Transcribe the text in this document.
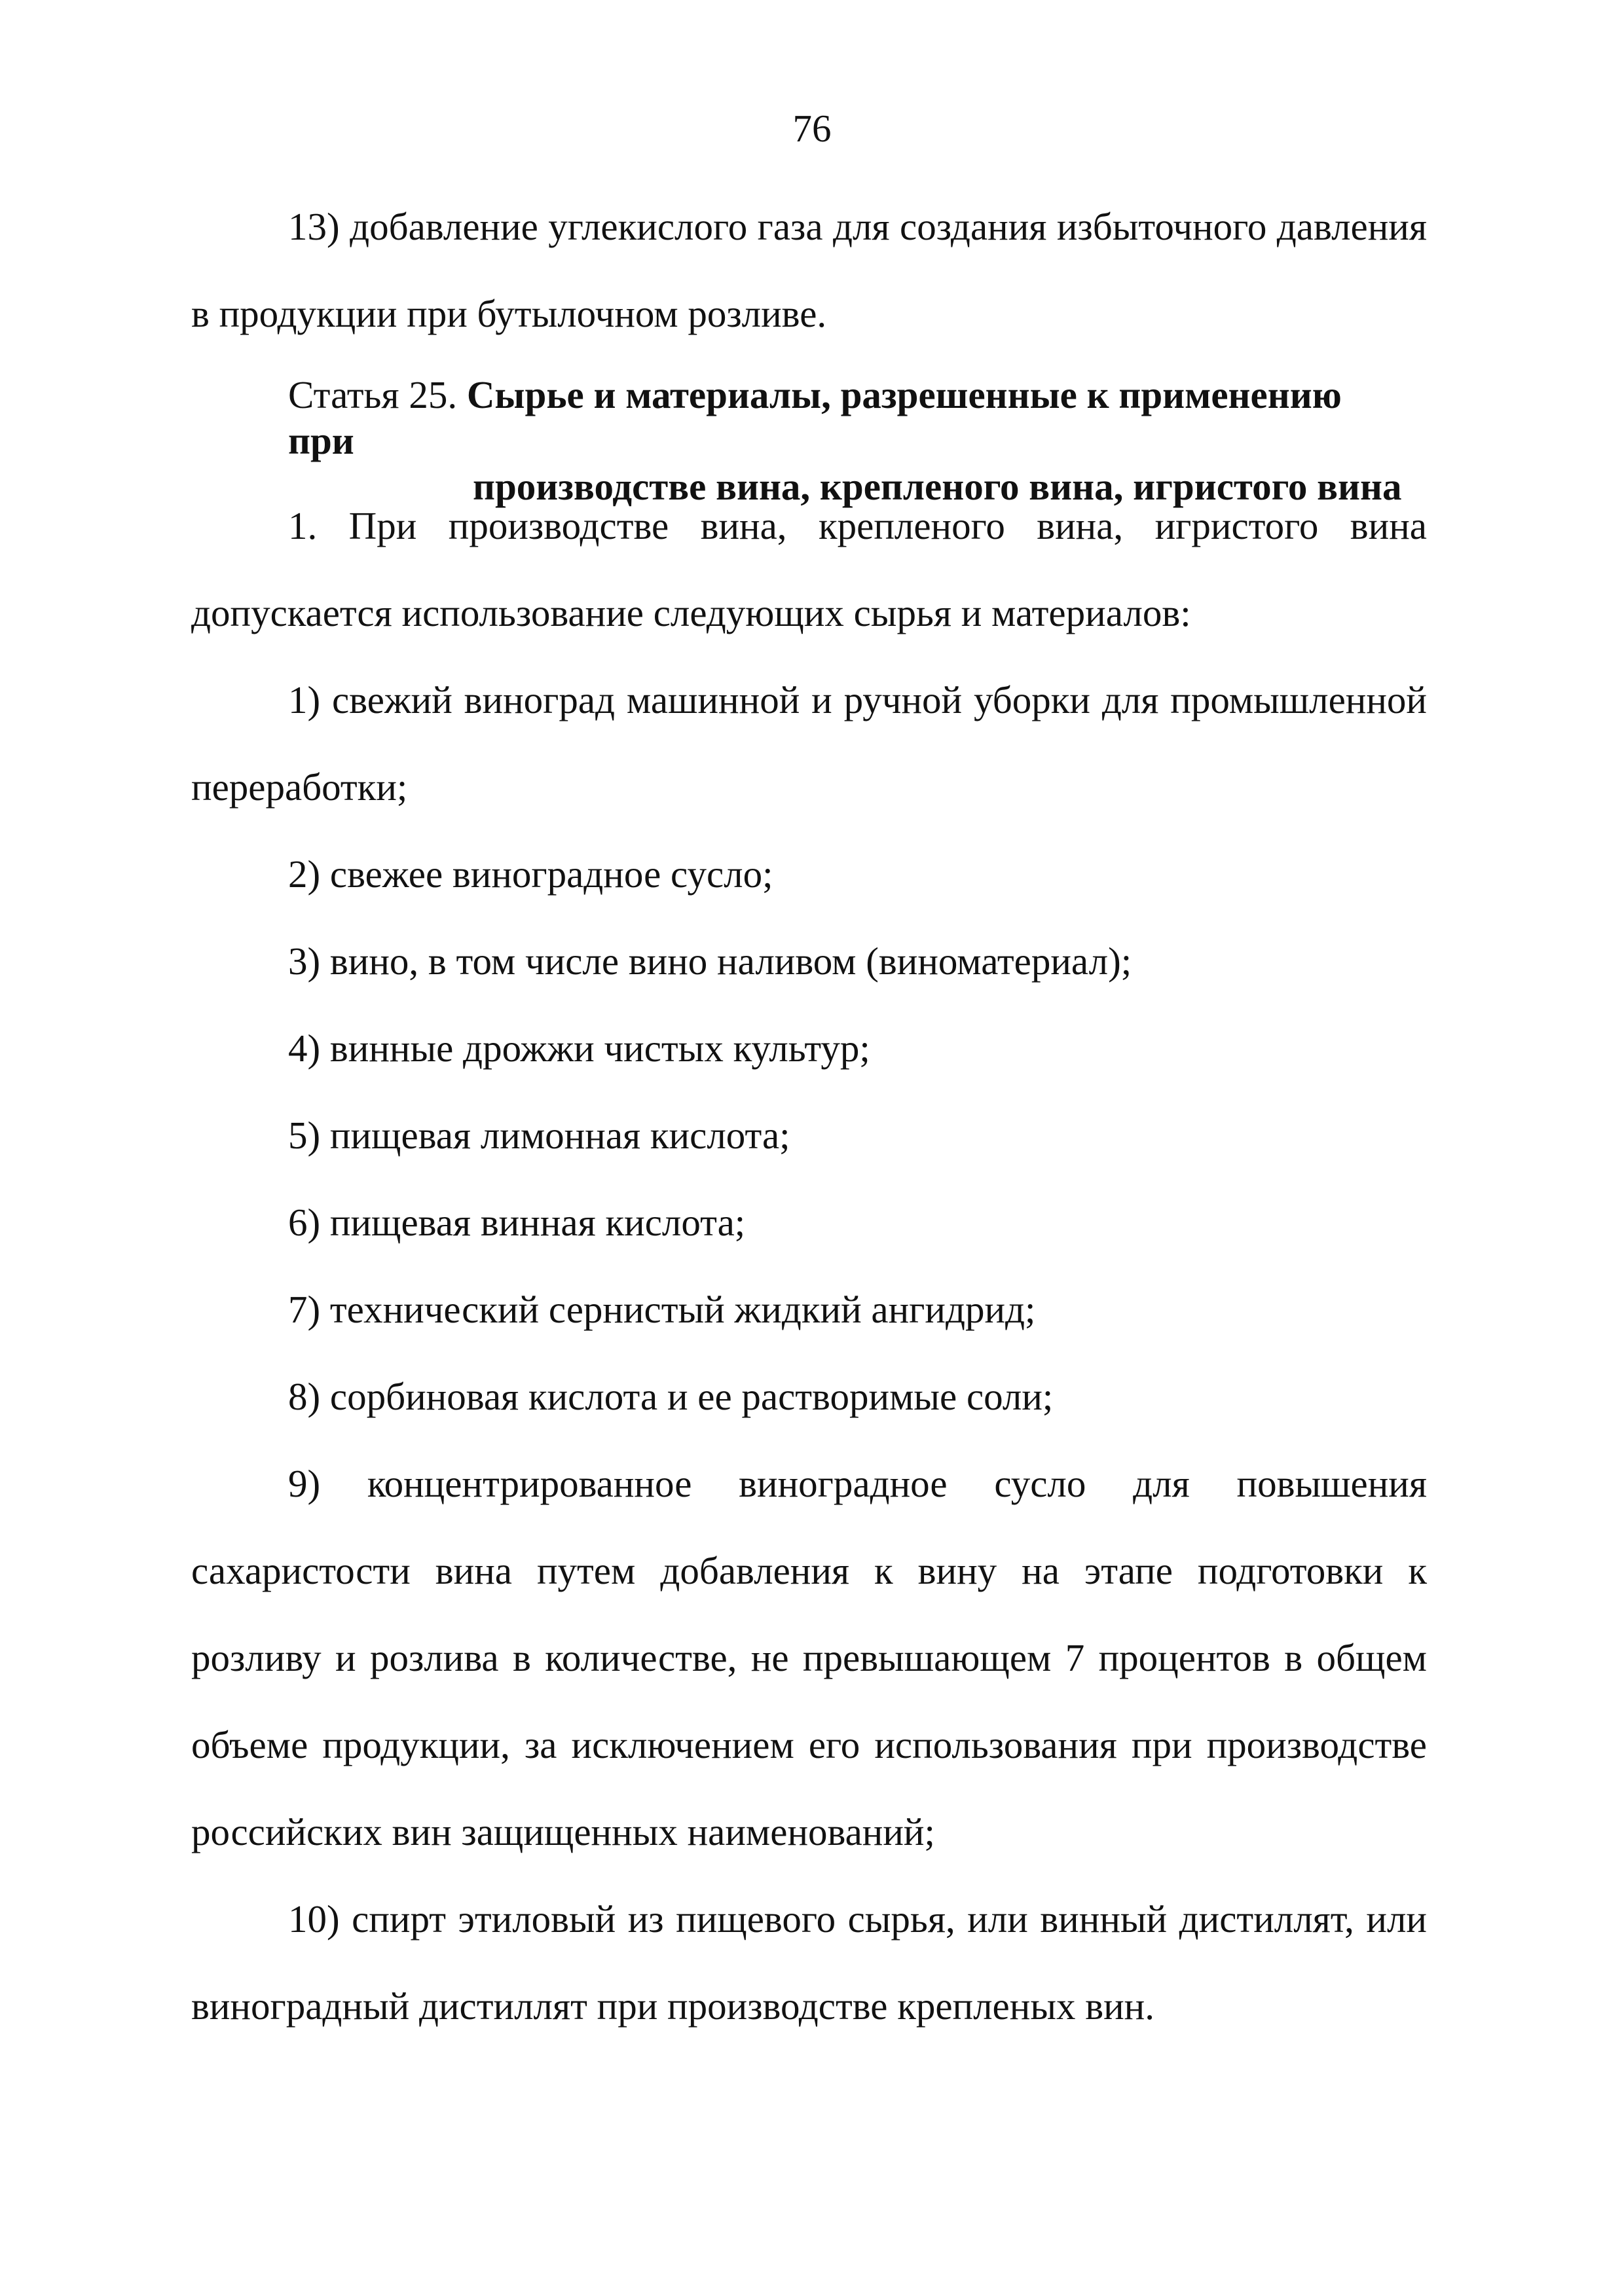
76

13) добавление углекислого газа для создания избыточного давления в продукции при бутылочном розливе.

Статья 25. Сырье и материалы, разрешенные к применению при
производстве вина, крепленого вина, игристого вина

1. При производстве вина, крепленого вина, игристого вина допускается использование следующих сырья и материалов:

1) свежий виноград машинной и ручной уборки для промышленной переработки;

2) свежее виноградное сусло;

3) вино, в том числе вино наливом (виноматериал);

4) винные дрожжи чистых культур;

5) пищевая лимонная кислота;

6) пищевая винная кислота;

7) технический сернистый жидкий ангидрид;

8) сорбиновая кислота и ее растворимые соли;

9) концентрированное виноградное сусло для повышения сахаристости вина путем добавления к вину на этапе подготовки к розливу и розлива в количестве, не превышающем 7 процентов в общем объеме продукции, за исключением его использования при производстве российских вин защищенных наименований;

10) спирт этиловый из пищевого сырья, или винный дистиллят, или виноградный дистиллят при производстве крепленых вин.
